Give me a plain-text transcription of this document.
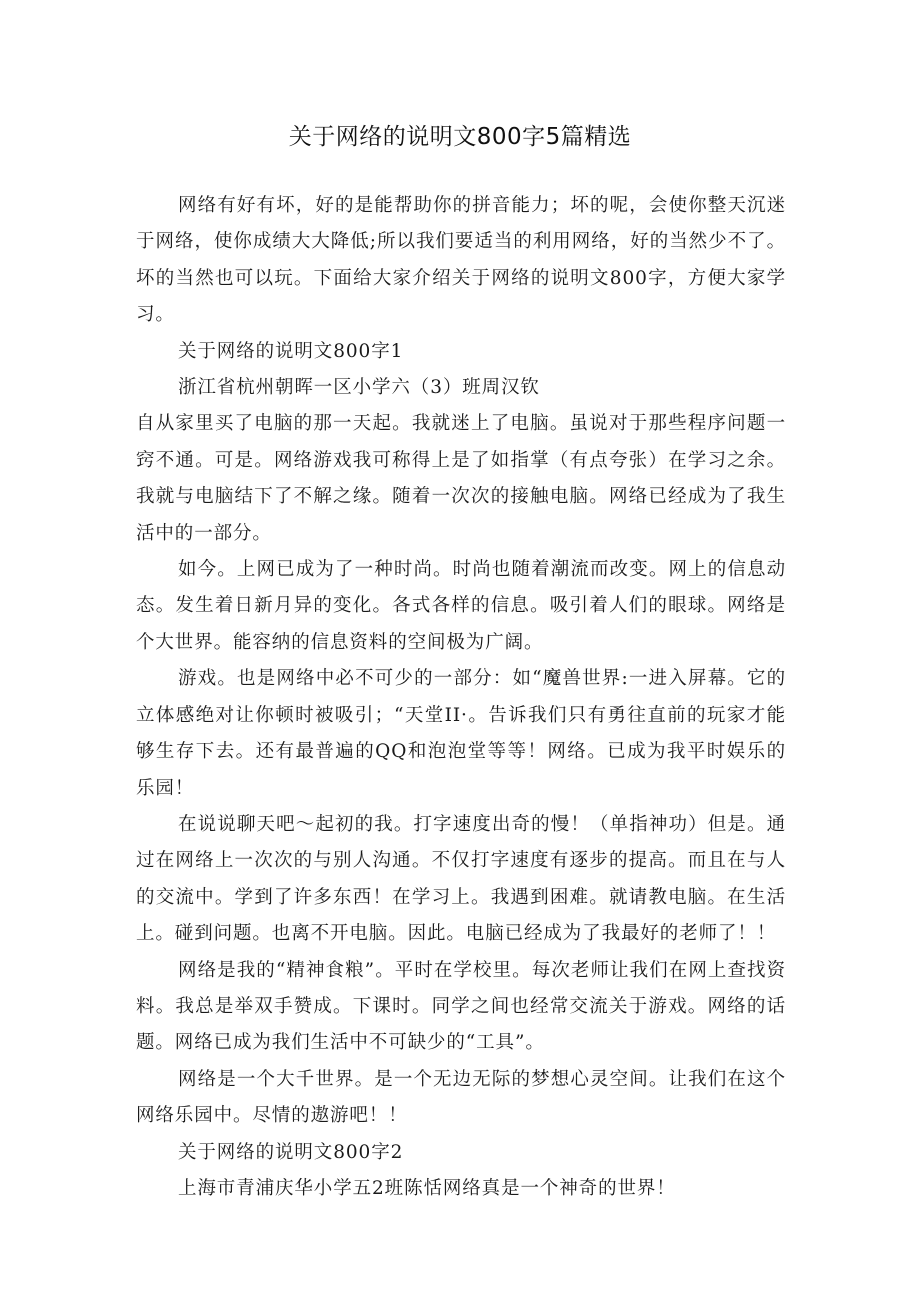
关于网络的说明文800字5篇精选

网络有好有坏，好的是能帮助你的拼音能力；坏的呢，会使你整天沉迷于网络，使你成绩大大降低;所以我们要适当的利用网络，好的当然少不了。坏的当然也可以玩。下面给大家介绍关于网络的说明文800字，方便大家学习。

关于网络的说明文800字1

浙江省杭州朝晖一区小学六（3）班周汉钦

自从家里买了电脑的那一天起。我就迷上了电脑。虽说对于那些程序问题一窍不通。可是。网络游戏我可称得上是了如指掌（有点夸张）在学习之余。我就与电脑结下了不解之缘。随着一次次的接触电脑。网络已经成为了我生活中的一部分。

如今。上网已成为了一种时尚。时尚也随着潮流而改变。网上的信息动态。发生着日新月异的变化。各式各样的信息。吸引着人们的眼球。网络是个大世界。能容纳的信息资料的空间极为广阔。

游戏。也是网络中必不可少的一部分：如“魔兽世界:一进入屏幕。它的立体感绝对让你顿时被吸引；“天堂II·。告诉我们只有勇往直前的玩家才能够生存下去。还有最普遍的QQ和泡泡堂等等！网络。已成为我平时娱乐的乐园！

在说说聊天吧～起初的我。打字速度出奇的慢！（单指神功）但是。通过在网络上一次次的与别人沟通。不仅打字速度有逐步的提高。而且在与人的交流中。学到了许多东西！在学习上。我遇到困难。就请教电脑。在生活上。碰到问题。也离不开电脑。因此。电脑已经成为了我最好的老师了！！

网络是我的“精神食粮”。平时在学校里。每次老师让我们在网上查找资料。我总是举双手赞成。下课时。同学之间也经常交流关于游戏。网络的话题。网络已成为我们生活中不可缺少的“工具”。

网络是一个大千世界。是一个无边无际的梦想心灵空间。让我们在这个网络乐园中。尽情的遨游吧！！

关于网络的说明文800字2

上海市青浦庆华小学五2班陈恬网络真是一个神奇的世界！
